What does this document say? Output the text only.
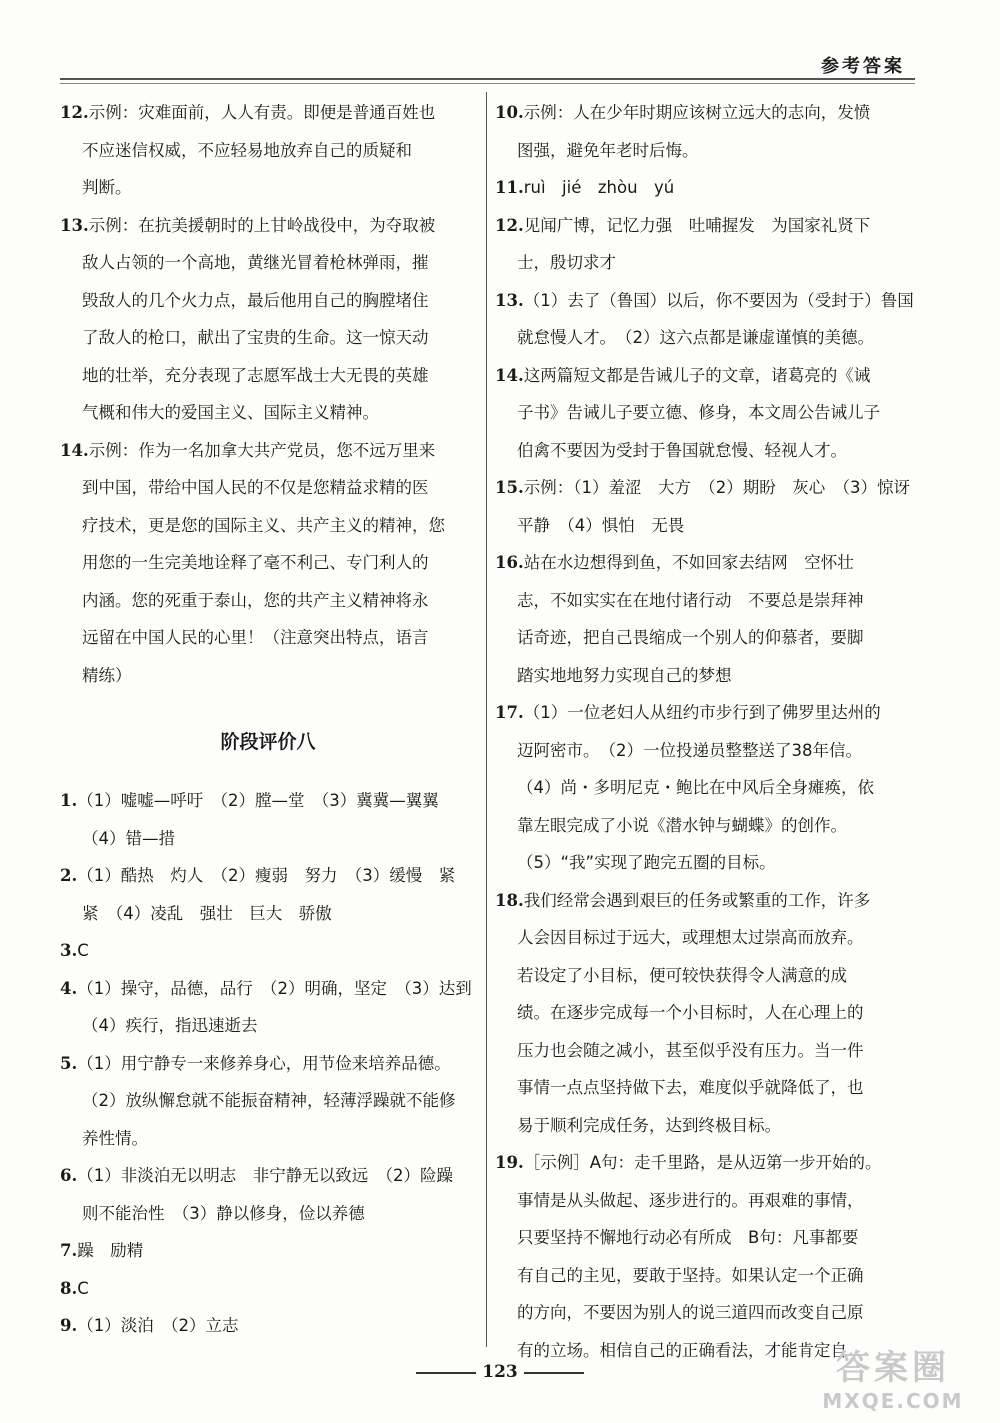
参考答案
12.示例：灾难面前，人人有责。即便是普通百姓也
不应迷信权威，不应轻易地放弃自己的质疑和
判断。
13.示例：在抗美援朝时的上甘岭战役中，为夺取被
敌人占领的一个高地，黄继光冒着枪林弹雨，摧
毁敌人的几个火力点，最后他用自己的胸膛堵住
了敌人的枪口，献出了宝贵的生命。这一惊天动
地的壮举，充分表现了志愿军战士大无畏的英雄
气概和伟大的爱国主义、国际主义精神。
14.示例：作为一名加拿大共产党员，您不远万里来
到中国，带给中国人民的不仅是您精益求精的医
疗技术，更是您的国际主义、共产主义的精神，您
用您的一生完美地诠释了毫不利己、专门利人的
内涵。您的死重于泰山，您的共产主义精神将永
远留在中国人民的心里！（注意突出特点，语言
精练）
阶段评价八
1.（1）嘘嘘—呼吁　（2）膛—堂　（3）冀冀—翼翼
（4）错—措
2.（1）酷热　灼人　（2）瘦弱　努力　（3）缓慢　紧
紧　（4）凌乱　强壮　巨大　骄傲
3.C
4.（1）操守，品德，品行　（2）明确，坚定　（3）达到
（4）疾行，指迅速逝去
5.（1）用宁静专一来修养身心，用节俭来培养品德。
（2）放纵懈怠就不能振奋精神，轻薄浮躁就不能修
养性情。
6.（1）非淡泊无以明志　非宁静无以致远　（2）险躁
则不能治性　（3）静以修身，俭以养德
7.躁　励精
8.C
9.（1）淡泊　（2）立志
10.示例：人在少年时期应该树立远大的志向，发愤
图强，避免年老时后悔。
11.ruì　jié　zhòu　yú
12.见闻广博，记忆力强　吐哺握发　为国家礼贤下
士，殷切求才
13.（1）去了（鲁国）以后，你不要因为（受封于）鲁国
就怠慢人才。　（2）这六点都是谦虚谨慎的美德。
14.这两篇短文都是告诫儿子的文章，诸葛亮的《诫
子书》告诫儿子要立德、修身，本文周公告诫儿子
伯禽不要因为受封于鲁国就怠慢、轻视人才。
15.示例：（1）羞涩　大方　（2）期盼　灰心　（3）惊讶
平静　（4）惧怕　无畏
16.站在水边想得到鱼，不如回家去结网　空怀壮
志，不如实实在在地付诸行动　不要总是崇拜神
话奇迹，把自己畏缩成一个别人的仰慕者，要脚
踏实地地努力实现自己的梦想
17.（1）一位老妇人从纽约市步行到了佛罗里达州的
迈阿密市。　（2）一位投递员整整送了38年信。
（4）尚・多明尼克・鲍比在中风后全身瘫痪，依
靠左眼完成了小说《潜水钟与蝴蝶》的创作。
（5）“我”实现了跑完五圈的目标。
18.我们经常会遇到艰巨的任务或繁重的工作，许多
人会因目标过于远大，或理想太过崇高而放弃。
若设定了小目标，便可较快获得令人满意的成
绩。在逐步完成每一个小目标时，人在心理上的
压力也会随之减小，甚至似乎没有压力。当一件
事情一点点坚持做下去，难度似乎就降低了，也
易于顺利完成任务，达到终极目标。
19.［示例］A句：走千里路，是从迈第一步开始的。
事情是从头做起、逐步进行的。再艰难的事情，
只要坚持不懈地行动必有所成　B句：凡事都要
有自己的主见，要敢于坚持。如果认定一个正确
的方向，不要因为别人的说三道四而改变自己原
有的立场。相信自己的正确看法，才能肯定自
123	答案圈
MXQE.COM
